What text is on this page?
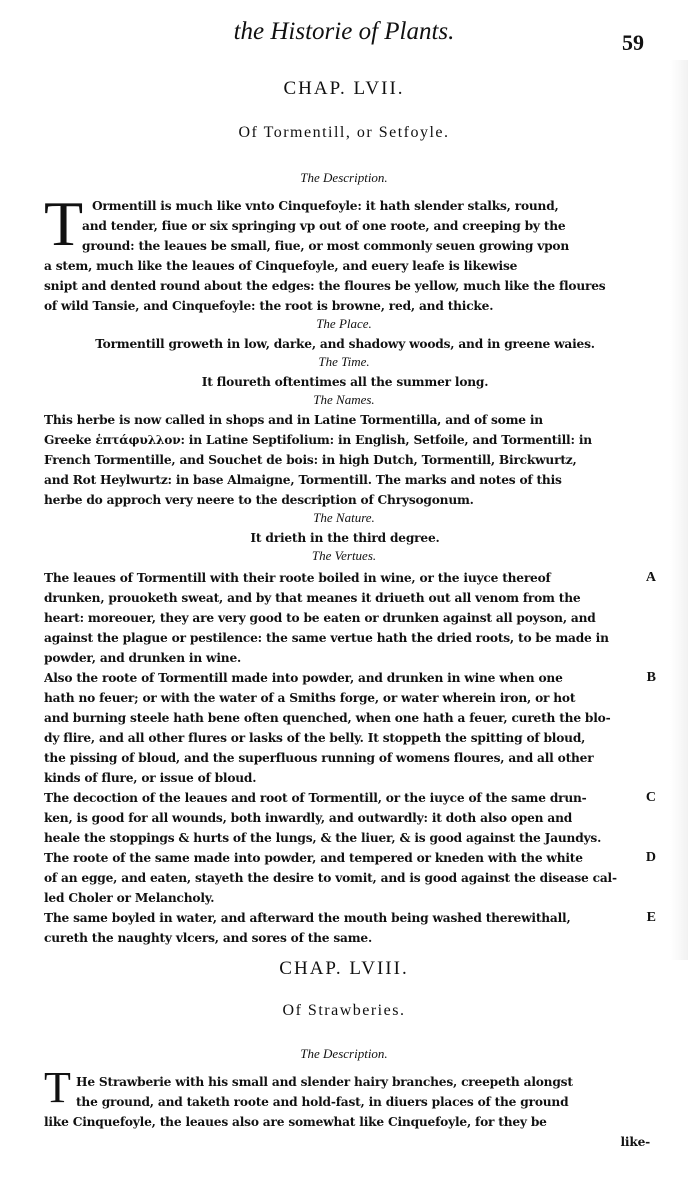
the Historie of Plants.	59
CHAP. LVII.
Of Tormentill, or Setfoyle.
The Description.
T Ormentill is much like vnto Cinquefoyle: it hath slender stalks, round,
and tender, fiue or six springing vp out of one roote, and creeping by the
ground: the leaues be small, fiue, or most commonly seuen growing vpon
a stem, much like the leaues of Cinquefoyle, and euery leafe is likewise
snipt and dented round about the edges: the floures be yellow, much like the floures
of wild Tansie, and Cinquefoyle: the root is browne, red, and thicke.
The Place.
Tormentill groweth in low, darke, and shadowy woods, and in greene waies.
The Time.
It floureth oftentimes all the summer long.
The Names.
This herbe is now called in shops and in Latine Tormentilla, and of some in
Greeke ἑπτάφυλλον: in Latine Septifolium: in English, Setfoile, and Tormentill: in
French Tormentille, and Souchet de bois: in high Dutch, Tormentill, Birckwurtz,
and Rot Heylwurtz: in base Almaigne, Tormentill. The marks and notes of this
herbe do approch very neere to the description of Chrysogonum.
The Nature.
It drieth in the third degree.
The Vertues.
The leaues of Tormentill with their roote boiled in wine, or the iuyce thereof
drunken, prouoketh sweat, and by that meanes it driueth out all venom from the
heart: moreouer, they are very good to be eaten or drunken against all poyson, and
against the plague or pestilence: the same vertue hath the dried roots, to be made in
powder, and drunken in wine.
Also the roote of Tormentill made into powder, and drunken in wine when one
hath no feuer; or with the water of a Smiths forge, or water wherein iron, or hot
and burning steele hath bene often quenched, when one hath a feuer, cureth the blo-
dy flire, and all other flures or lasks of the belly. It stoppeth the spitting of bloud,
the pissing of bloud, and the superfluous running of womens floures, and all other
kinds of flure, or issue of bloud.
The decoction of the leaues and root of Tormentill, or the iuyce of the same drun-
ken, is good for all wounds, both inwardly, and outwardly: it doth also open and
heale the stoppings & hurts of the lungs, & the liuer, & is good against the Jaundys.
The roote of the same made into powder, and tempered or kneden with the white
of an egge, and eaten, stayeth the desire to vomit, and is good against the disease cal-
led Choler or Melancholy.
The same boyled in water, and afterward the mouth being washed therewithall,
cureth the naughty vlcers, and sores of the same.
A
B
C
D
E
CHAP. LVIII.
Of Strawberies.
The Description.
T He Strawberie with his small and slender hairy branches, creepeth alongst
the ground, and taketh roote and hold-fast, in diuers places of the ground
like Cinquefoyle, the leaues also are somewhat like Cinquefoyle, for they be
like-
